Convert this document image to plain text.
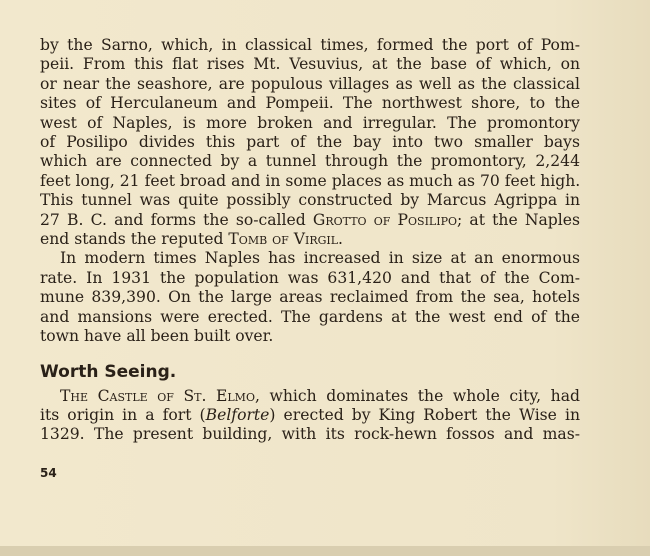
by the Sarno, which, in classical times, formed the port of Pom-
peii. From this flat rises Mt. Vesuvius, at the base of which, on
or near the seashore, are populous villages as well as the classical
sites of Herculaneum and Pompeii. The northwest shore, to the
west of Naples, is more broken and irregular. The promontory
of Posilipo divides this part of the bay into two smaller bays
which are connected by a tunnel through the promontory, 2,244
feet long, 21 feet broad and in some places as much as 70 feet high.
This tunnel was quite possibly constructed by Marcus Agrippa in
27 B. C. and forms the so-called Grotto of Posilipo; at the Naples
end stands the reputed Tomb of Virgil.
In modern times Naples has increased in size at an enormous
rate. In 1931 the population was 631,420 and that of the Com-
mune 839,390. On the large areas reclaimed from the sea, hotels
and mansions were erected. The gardens at the west end of the
town have all been built over.
Worth Seeing.
The Castle of St. Elmo, which dominates the whole city, had
its origin in a fort (Belforte) erected by King Robert the Wise in
1329. The present building, with its rock-hewn fossos and mas-
54
